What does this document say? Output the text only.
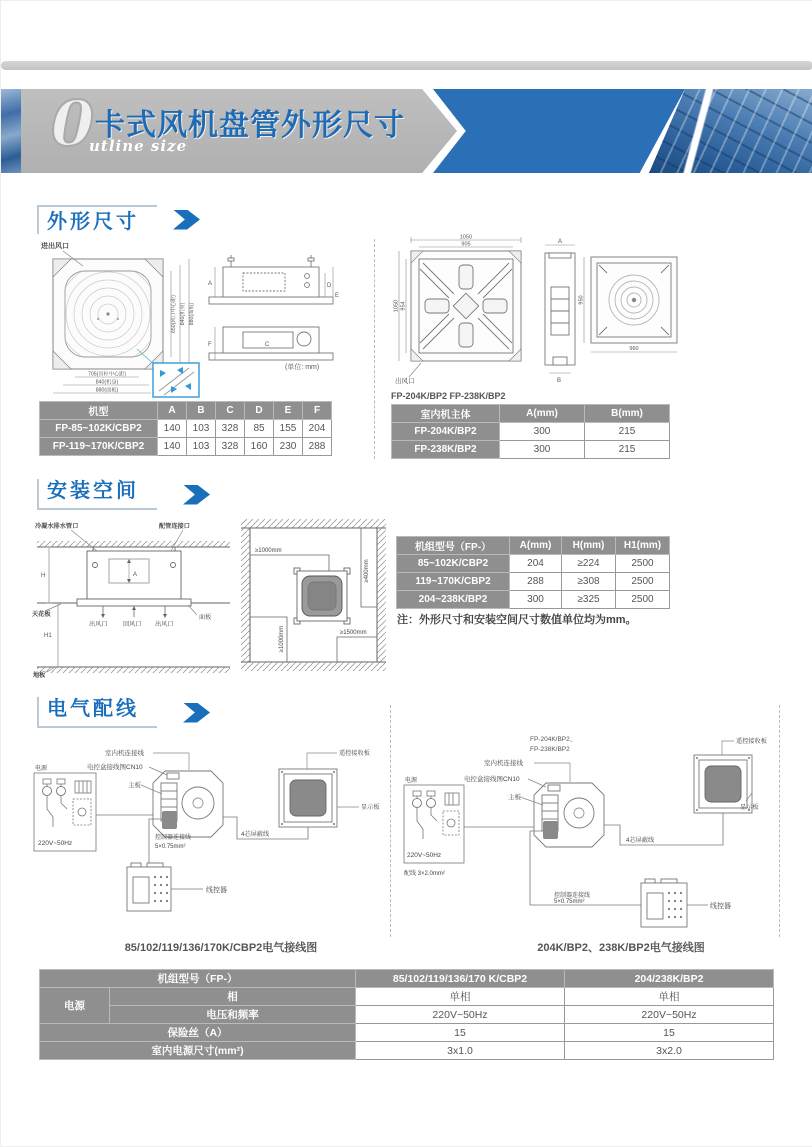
0 卡式风机盘管外形尺寸
utline size
外形尺寸
进出风口
650(风口中心距) 840(机身) 880(面板)
705(吊杆中心距)
840(机身)
880(面板)
A	D
E
F	C
(单位: mm)
1050
905
1050 954
出风口
A
B
950
960
FP-204K/BP2 FP-238K/BP2
机型	A	B	C	D	E	F
FP-85~102K/CBP2	140	103	328	85	155	204
FP-119~170K/CBP2	140	103	328	160	230	288
室内机主体	A(mm)	B(mm)
FP-204K/BP2	300	215
FP-238K/BP2	300	215
安装空间
冷凝水排水管口	配管连接口
A
天花板
出风口 回风口 出风口
面板
H
H1
地板
≥1000mm
≥400mm
≥1000mm	≥1500mm
机组型号（FP-）	A(mm)	H(mm)	H1(mm)
85~102K/CBP2	204	≥224	2500
119~170K/CBP2	288	≥308	2500
204~238K/BP2	300	≥325	2500
注：外形尺寸和安装空间尺寸数值单位均为mm。
电气配线
电源
220V~50Hz
室内机连接线
电控盒接线图CN10
主板
控制器连接线
5×0.75mm²
线控器
4芯屏蔽线
遥控接收板
显示板
FP-204K/BP2、
FP-238K/BP2
电源
220V~50Hz
配线 3×2.0mm²
室内机连接线
电控盒接线图CN10
主板
控制器连接线
5×0.75mm²
线控器
4芯屏蔽线
遥控接收板
显示板
85/102/119/136/170K/CBP2电气接线图	204K/BP2、238K/BP2电气接线图
机组型号（FP-）		85/102/119/136/170 K/CBP2	204/238K/BP2
电源	相	单相	单相
	电压和频率	220V~50Hz	220V~50Hz
保险丝（A）		15	15
室内电源尺寸(mm²)		3x1.0	3x2.0
